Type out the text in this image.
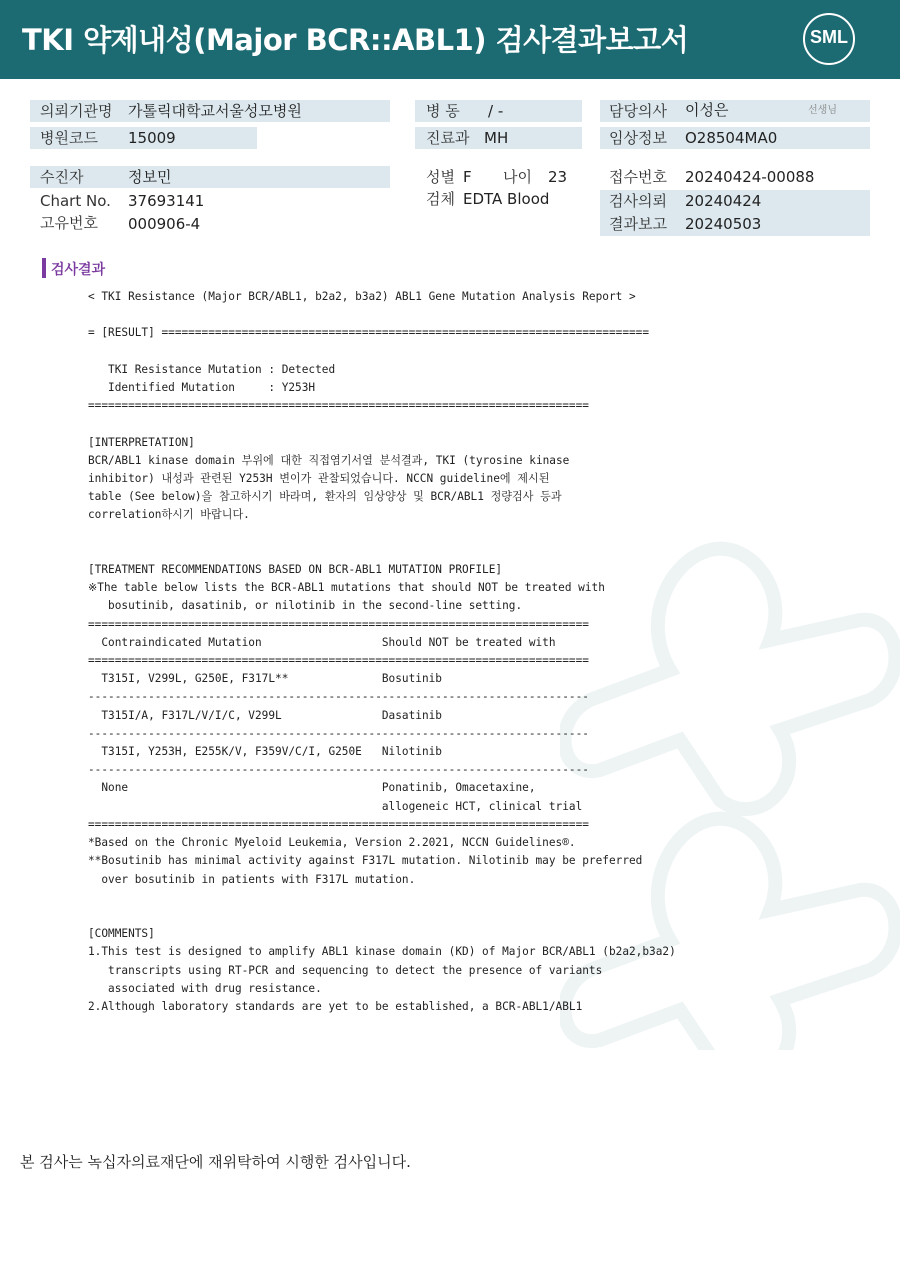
TKI 약제내성(Major BCR::ABL1) 검사결과보고서	SML
의뢰기관명 가톨릭대학교서울성모병원
병원코드 15009
수진자	정보민
Chart No. 37693141
고유번호 000906-4
병 동 / -
진료과 MH
성별 F 나이 23
검체 EDTA Blood
담당의사 이성은	선생님
임상정보 O28504MA0
접수번호 20240424-00088
검사의뢰 20240424
결과보고 20240503
검사결과
< TKI Resistance (Major BCR/ABL1, b2a2, b3a2) ABL1 Gene Mutation Analysis Report >

= [RESULT] =========================================================================

TKI Resistance Mutation : Detected
Identified Mutation     : Y253H
===========================================================================

[INTERPRETATION]
BCR/ABL1 kinase domain 부위에 대한 직접염기서열 분석결과, TKI (tyrosine kinase
inhibitor) 내성과 관련된 Y253H 변이가 관찰되었습니다. NCCN guideline에 제시된
table (See below)을 참고하시기 바라며, 환자의 임상양상 및 BCR/ABL1 정량검사 등과
correlation하시기 바랍니다.

[TREATMENT RECOMMENDATIONS BASED ON BCR-ABL1 MUTATION PROFILE]
※The table below lists the BCR-ABL1 mutations that should NOT be treated with
bosutinib, dasatinib, or nilotinib in the second-line setting.
===========================================================================
Contraindicated Mutation                  Should NOT be treated with
===========================================================================
T315I, V299L, G250E, F317L**              Bosutinib
---------------------------------------------------------------------------
T315I/A, F317L/V/I/C, V299L               Dasatinib
---------------------------------------------------------------------------
T315I, Y253H, E255K/V, F359V/C/I, G250E   Nilotinib
---------------------------------------------------------------------------
None                                      Ponatinib, Omacetaxine,
allogeneic HCT, clinical trial
===========================================================================
*Based on the Chronic Myeloid Leukemia, Version 2.2021, NCCN Guidelines®.
**Bosutinib has minimal activity against F317L mutation. Nilotinib may be preferred
over bosutinib in patients with F317L mutation.

[COMMENTS]
1.This test is designed to amplify ABL1 kinase domain (KD) of Major BCR/ABL1 (b2a2,b3a2)
transcripts using RT-PCR and sequencing to detect the presence of variants
associated with drug resistance.
2.Although laboratory standards are yet to be established, a BCR-ABL1/ABL1
본 검사는 녹십자의료재단에 재위탁하여 시행한 검사입니다.
